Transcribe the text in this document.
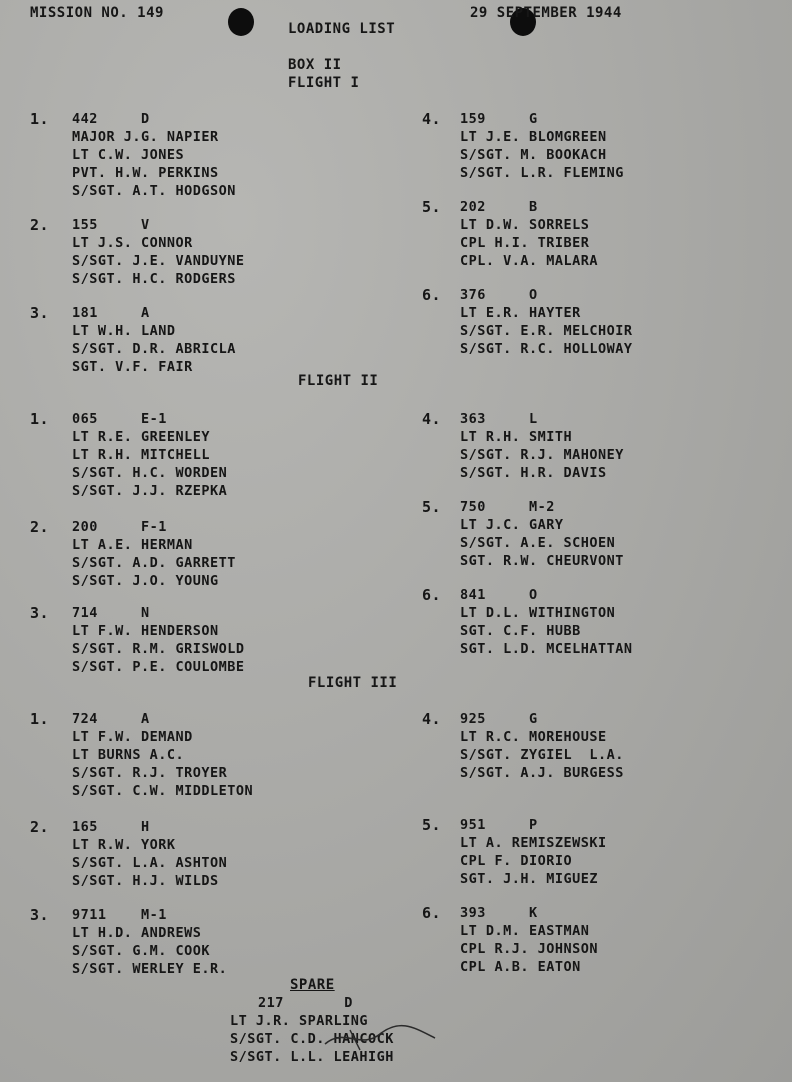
MISSION NO. 149	29 SEPTEMBER 1944
LOADING LIST
BOX II
FLIGHT I
1. 442     D
MAJOR J.G. NAPIER
LT C.W. JONES
PVT. H.W. PERKINS
S/SGT. A.T. HODGSON
2. 155     V
LT J.S. CONNOR
S/SGT. J.E. VANDUYNE
S/SGT. H.C. RODGERS
3. 181     A
LT W.H. LAND
S/SGT. D.R. ABRICLA
SGT. V.F. FAIR
4. 159     G
LT J.E. BLOMGREEN
S/SGT. M. BOOKACH
S/SGT. L.R. FLEMING
5. 202     B
LT D.W. SORRELS
CPL H.I. TRIBER
CPL. V.A. MALARA
6. 376     O
LT E.R. HAYTER
S/SGT. E.R. MELCHOIR
S/SGT. R.C. HOLLOWAY
FLIGHT II
1. 065     E-1
LT R.E. GREENLEY
LT R.H. MITCHELL
S/SGT. H.C. WORDEN
S/SGT. J.J. RZEPKA
2. 200     F-1
LT A.E. HERMAN
S/SGT. A.D. GARRETT
S/SGT. J.O. YOUNG
3. 714     N
LT F.W. HENDERSON
S/SGT. R.M. GRISWOLD
S/SGT. P.E. COULOMBE
4. 363     L
LT R.H. SMITH
S/SGT. R.J. MAHONEY
S/SGT. H.R. DAVIS
5. 750     M-2
LT J.C. GARY
S/SGT. A.E. SCHOEN
SGT. R.W. CHEURVONT
6. 841     O
LT D.L. WITHINGTON
SGT. C.F. HUBB
SGT. L.D. MCELHATTAN
FLIGHT III
1. 724     A
LT F.W. DEMAND
LT BURNS A.C.
S/SGT. R.J. TROYER
S/SGT. C.W. MIDDLETON
2. 165     H
LT R.W. YORK
S/SGT. L.A. ASHTON
S/SGT. H.J. WILDS
3. 9711    M-1
LT H.D. ANDREWS
S/SGT. G.M. COOK
S/SGT. WERLEY E.R.
4. 925     G
LT R.C. MOREHOUSE
S/SGT. ZYGIEL  L.A.
S/SGT. A.J. BURGESS
5. 951     P
LT A. REMISZEWSKI
CPL F. DIORIO
SGT. J.H. MIGUEZ
6. 393     K
LT D.M. EASTMAN
CPL R.J. JOHNSON
CPL A.B. EATON
SPARE
217       D
LT J.R. SPARLING
S/SGT. C.D. HANCOCK
S/SGT. L.L. LEAHIGH
